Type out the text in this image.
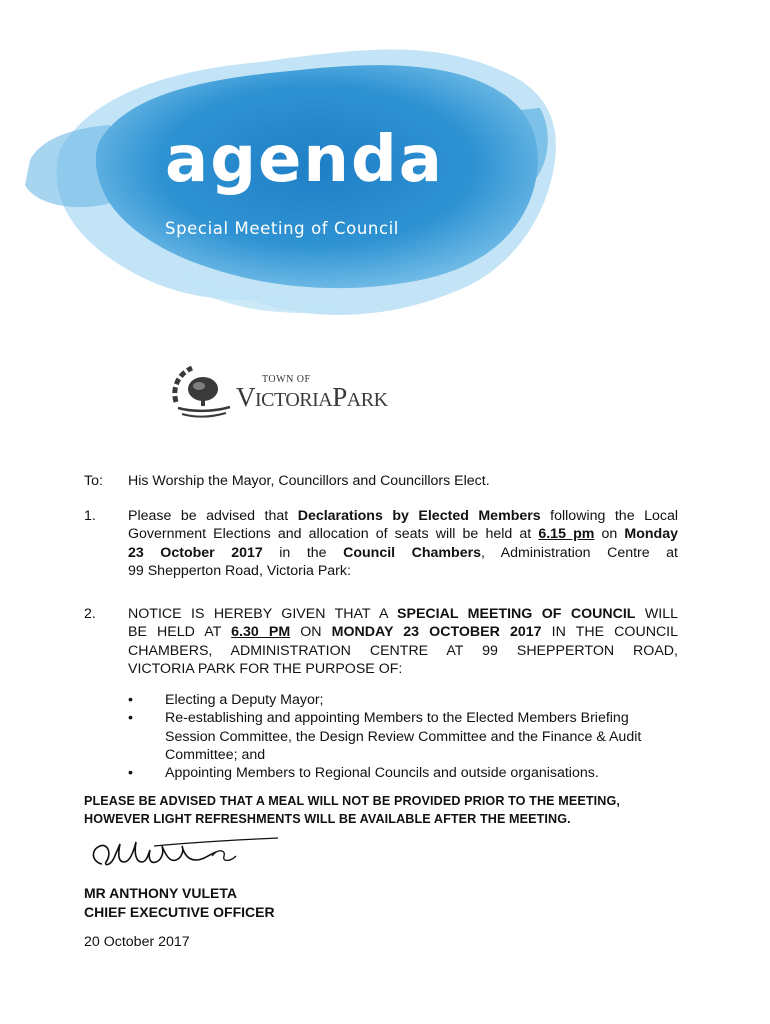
agenda

Special Meeting of Council

TOWN OF
VICTORIAPARK
To: His Worship the Mayor, Councillors and Councillors Elect.
1. Please be advised that Declarations by Elected Members following the Local
Government Elections and allocation of seats will be held at 6.15 pm on Monday
23 October 2017 in the Council Chambers, Administration Centre at
99 Shepperton Road, Victoria Park:
2. NOTICE IS HEREBY GIVEN THAT A SPECIAL MEETING OF COUNCIL WILL
BE HELD AT 6.30 PM ON MONDAY 23 OCTOBER 2017 IN THE COUNCIL
CHAMBERS, ADMINISTRATION CENTRE AT 99 SHEPPERTON ROAD,
VICTORIA PARK FOR THE PURPOSE OF:
• Electing a Deputy Mayor;
• Re-establishing and appointing Members to the Elected Members Briefing
Session Committee, the Design Review Committee and the Finance & Audit
Committee; and
• Appointing Members to Regional Councils and outside organisations.
PLEASE BE ADVISED THAT A MEAL WILL NOT BE PROVIDED PRIOR TO THE MEETING,
HOWEVER LIGHT REFRESHMENTS WILL BE AVAILABLE AFTER THE MEETING.
MR ANTHONY VULETA
CHIEF EXECUTIVE OFFICER
20 October 2017
